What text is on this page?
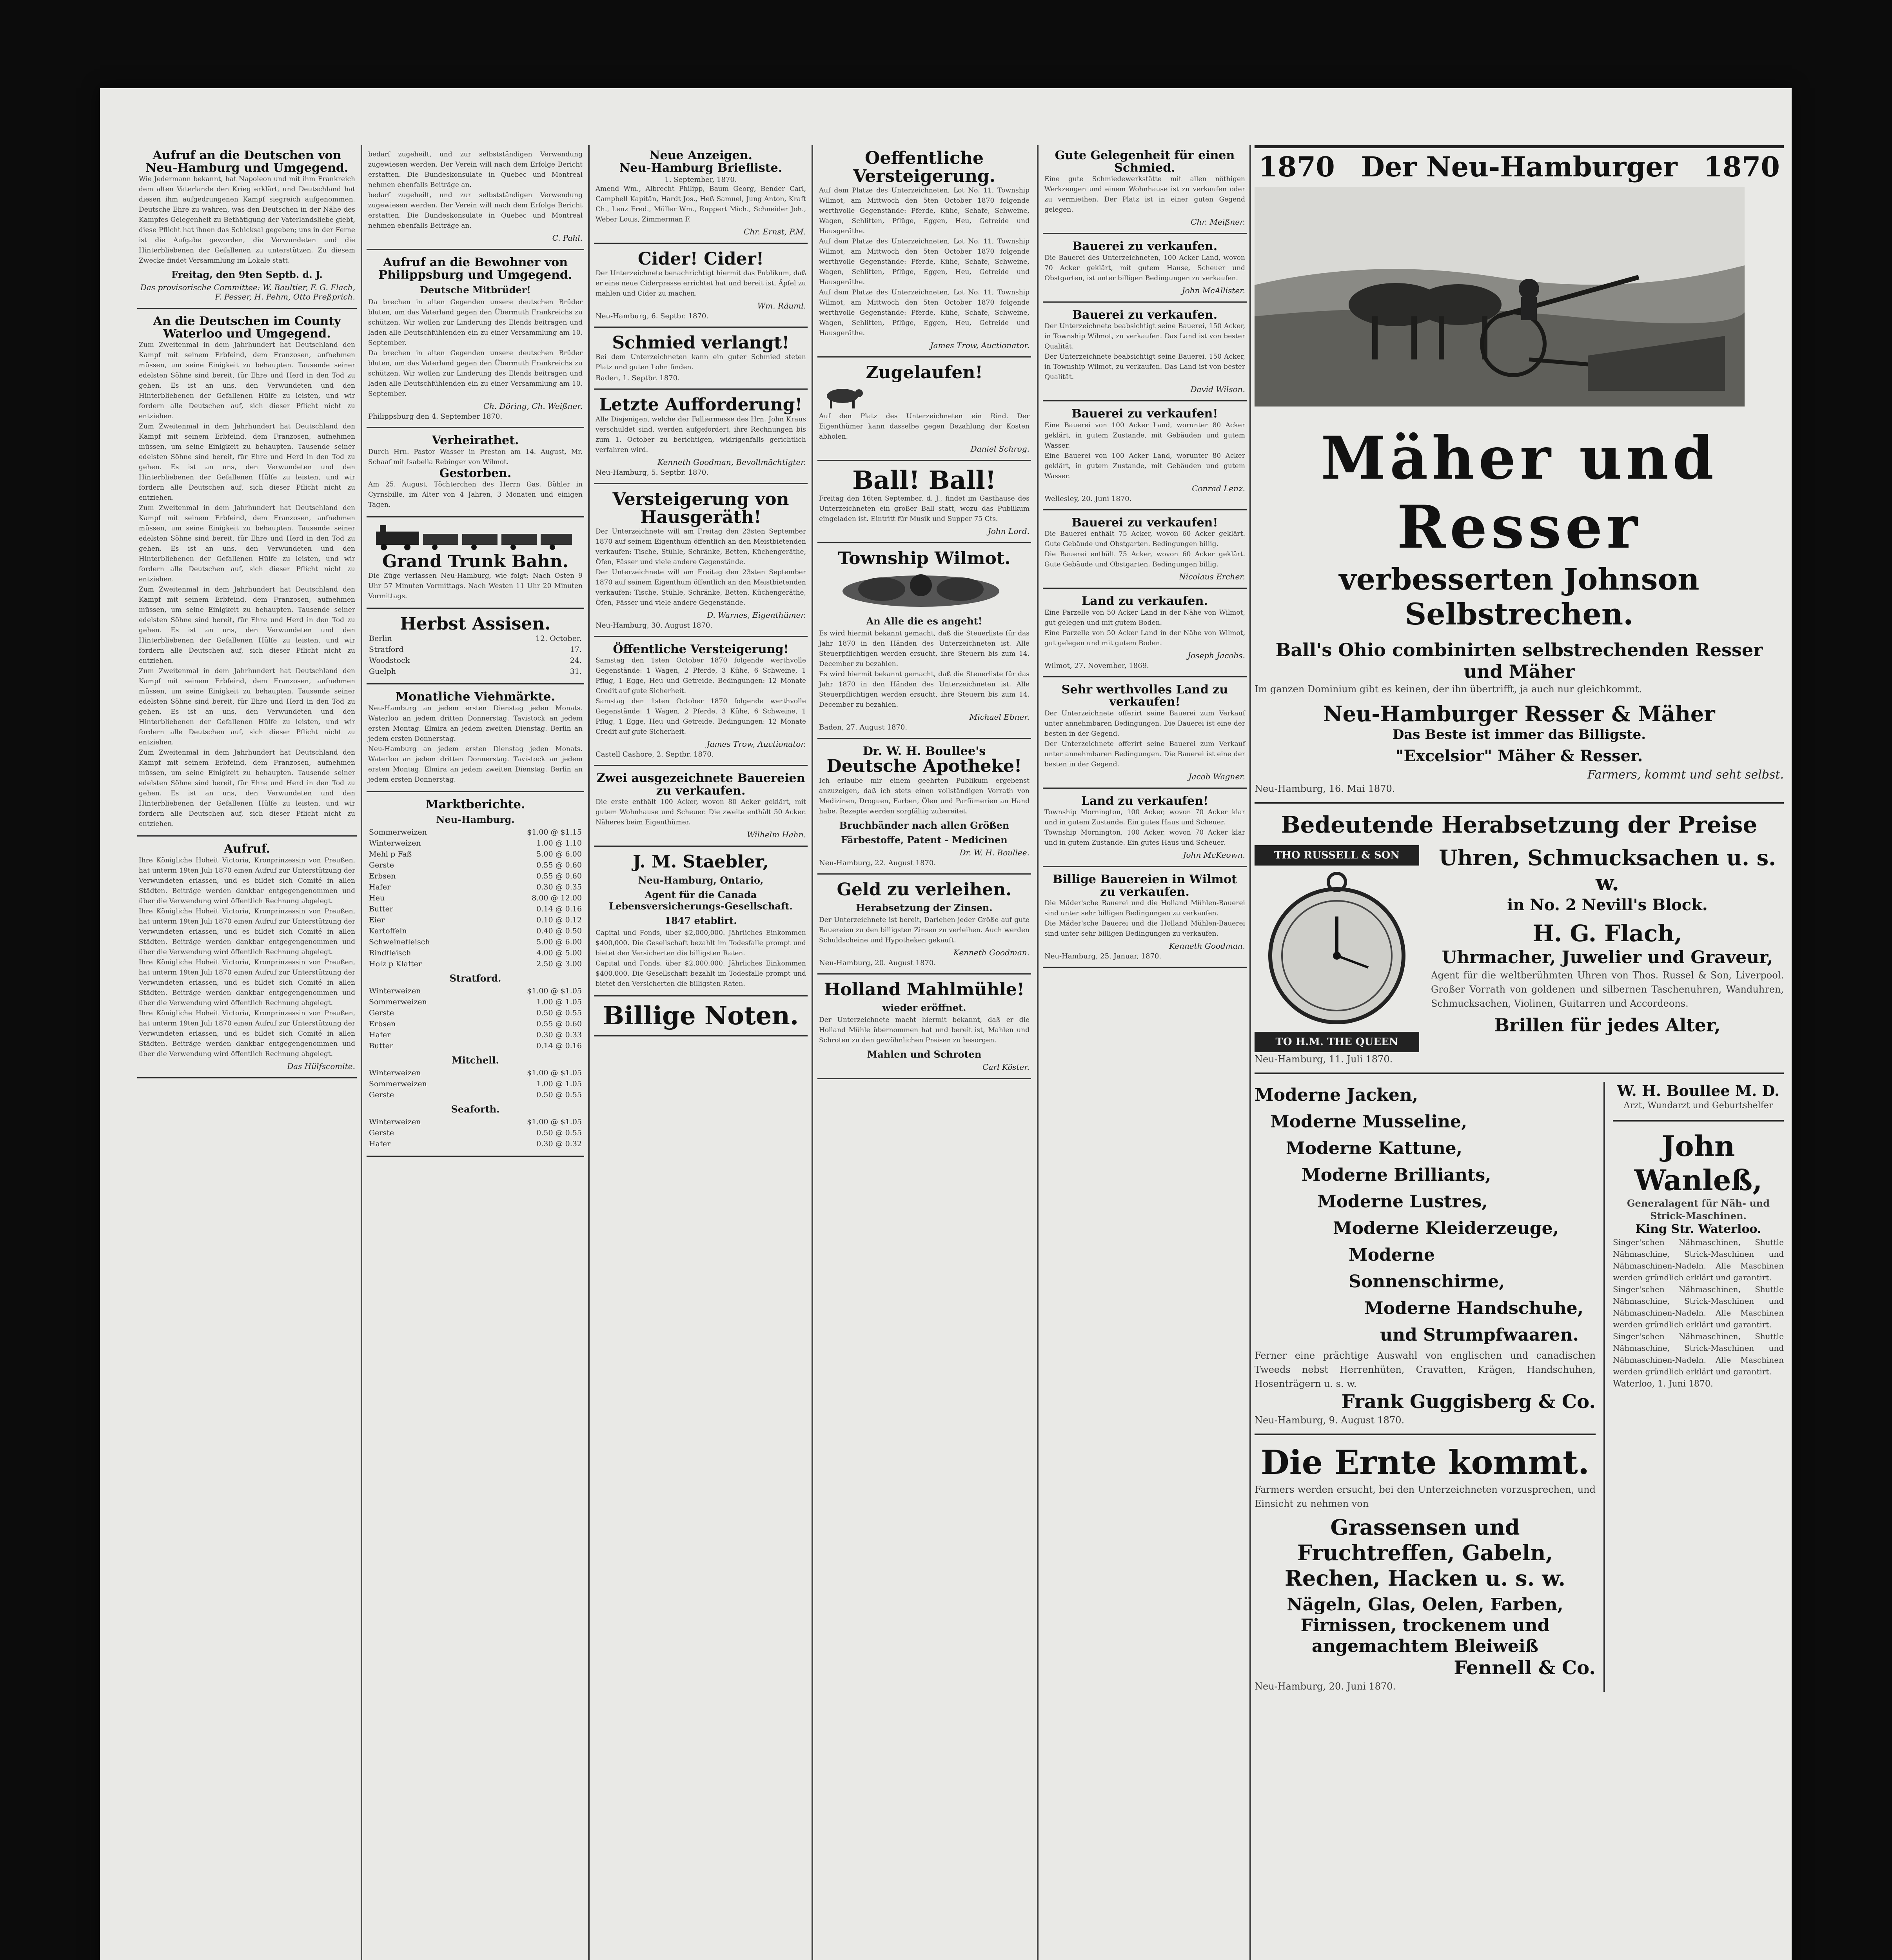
Aufruf an die Deutschen von Neu-Hamburg und Umgegend.
Wie Jedermann bekannt, hat Napoleon und mit ihm Frankreich dem alten Vaterlande den Krieg erklärt, und Deutschland hat diesen ihm aufgedrungenen Kampf siegreich aufgenommen. Deutsche Ehre zu wahren, was den Deutschen in der Nähe des Kampfes Gelegenheit zu Bethätigung der Vaterlandsliebe giebt, diese Pflicht hat ihnen das Schicksal gegeben; uns in der Ferne ist die Aufgabe geworden, die Verwundeten und die Hinterbliebenen der Gefallenen zu unterstützen. Zu diesem Zwecke findet Versammlung im Lokale statt.
Freitag, den 9ten Septb. d. J.
Das provisorische Committee: W. Baultier, F. G. Flach, F. Pesser, H. Pehm, Otto Preßprich.
An die Deutschen im County Waterloo und Umgegend.
Zum Zweitenmal in dem Jahrhundert hat Deutschland den Kampf mit seinem Erbfeind, dem Franzosen, aufnehmen müssen, um seine Einigkeit zu behaupten. Tausende seiner edelsten Söhne sind bereit, für Ehre und Herd in den Tod zu gehen. Es ist an uns, den Verwundeten und den Hinterbliebenen der Gefallenen Hülfe zu leisten, und wir fordern alle Deutschen auf, sich dieser Pflicht nicht zu entziehen.
Zum Zweitenmal in dem Jahrhundert hat Deutschland den Kampf mit seinem Erbfeind, dem Franzosen, aufnehmen müssen, um seine Einigkeit zu behaupten. Tausende seiner edelsten Söhne sind bereit, für Ehre und Herd in den Tod zu gehen. Es ist an uns, den Verwundeten und den Hinterbliebenen der Gefallenen Hülfe zu leisten, und wir fordern alle Deutschen auf, sich dieser Pflicht nicht zu entziehen.
Zum Zweitenmal in dem Jahrhundert hat Deutschland den Kampf mit seinem Erbfeind, dem Franzosen, aufnehmen müssen, um seine Einigkeit zu behaupten. Tausende seiner edelsten Söhne sind bereit, für Ehre und Herd in den Tod zu gehen. Es ist an uns, den Verwundeten und den Hinterbliebenen der Gefallenen Hülfe zu leisten, und wir fordern alle Deutschen auf, sich dieser Pflicht nicht zu entziehen.
Zum Zweitenmal in dem Jahrhundert hat Deutschland den Kampf mit seinem Erbfeind, dem Franzosen, aufnehmen müssen, um seine Einigkeit zu behaupten. Tausende seiner edelsten Söhne sind bereit, für Ehre und Herd in den Tod zu gehen. Es ist an uns, den Verwundeten und den Hinterbliebenen der Gefallenen Hülfe zu leisten, und wir fordern alle Deutschen auf, sich dieser Pflicht nicht zu entziehen.
Zum Zweitenmal in dem Jahrhundert hat Deutschland den Kampf mit seinem Erbfeind, dem Franzosen, aufnehmen müssen, um seine Einigkeit zu behaupten. Tausende seiner edelsten Söhne sind bereit, für Ehre und Herd in den Tod zu gehen. Es ist an uns, den Verwundeten und den Hinterbliebenen der Gefallenen Hülfe zu leisten, und wir fordern alle Deutschen auf, sich dieser Pflicht nicht zu entziehen.
Zum Zweitenmal in dem Jahrhundert hat Deutschland den Kampf mit seinem Erbfeind, dem Franzosen, aufnehmen müssen, um seine Einigkeit zu behaupten. Tausende seiner edelsten Söhne sind bereit, für Ehre und Herd in den Tod zu gehen. Es ist an uns, den Verwundeten und den Hinterbliebenen der Gefallenen Hülfe zu leisten, und wir fordern alle Deutschen auf, sich dieser Pflicht nicht zu entziehen.
Aufruf.
Ihre Königliche Hoheit Victoria, Kronprinzessin von Preußen, hat unterm 19ten Juli 1870 einen Aufruf zur Unterstützung der Verwundeten erlassen, und es bildet sich Comité in allen Städten. Beiträge werden dankbar entgegengenommen und über die Verwendung wird öffentlich Rechnung abgelegt.
Ihre Königliche Hoheit Victoria, Kronprinzessin von Preußen, hat unterm 19ten Juli 1870 einen Aufruf zur Unterstützung der Verwundeten erlassen, und es bildet sich Comité in allen Städten. Beiträge werden dankbar entgegengenommen und über die Verwendung wird öffentlich Rechnung abgelegt.
Ihre Königliche Hoheit Victoria, Kronprinzessin von Preußen, hat unterm 19ten Juli 1870 einen Aufruf zur Unterstützung der Verwundeten erlassen, und es bildet sich Comité in allen Städten. Beiträge werden dankbar entgegengenommen und über die Verwendung wird öffentlich Rechnung abgelegt.
Ihre Königliche Hoheit Victoria, Kronprinzessin von Preußen, hat unterm 19ten Juli 1870 einen Aufruf zur Unterstützung der Verwundeten erlassen, und es bildet sich Comité in allen Städten. Beiträge werden dankbar entgegengenommen und über die Verwendung wird öffentlich Rechnung abgelegt.
Das Hülfscomite.
bedarf zugeheilt, und zur selbstständigen Verwendung zugewiesen werden. Der Verein will nach dem Erfolge Bericht erstatten. Die Bundeskonsulate in Quebec und Montreal nehmen ebenfalls Beiträge an.
bedarf zugeheilt, und zur selbstständigen Verwendung zugewiesen werden. Der Verein will nach dem Erfolge Bericht erstatten. Die Bundeskonsulate in Quebec und Montreal nehmen ebenfalls Beiträge an.
C. Pahl.
Aufruf an die Bewohner von Philippsburg und Umgegend.
Deutsche Mitbrüder!
Da brechen in alten Gegenden unsere deutschen Brüder bluten, um das Vaterland gegen den Übermuth Frankreichs zu schützen. Wir wollen zur Linderung des Elends beitragen und laden alle Deutschfühlenden ein zu einer Versammlung am 10. September.
Da brechen in alten Gegenden unsere deutschen Brüder bluten, um das Vaterland gegen den Übermuth Frankreichs zu schützen. Wir wollen zur Linderung des Elends beitragen und laden alle Deutschfühlenden ein zu einer Versammlung am 10. September.
Ch. Döring, Ch. Weißner.
Philippsburg den 4. September 1870.
Verheirathet.
Durch Hrn. Pastor Wasser in Preston am 14. August, Mr. Schaaf mit Isabella Rebinger von Wilmot.
Gestorben.
Am 25. August, Töchterchen des Herrn Gas. Bühler in Cyrnsbille, im Alter von 4 Jahren, 3 Monaten und einigen Tagen.
Grand Trunk Bahn.
Die Züge verlassen Neu-Hamburg, wie folgt: Nach Osten 9 Uhr 57 Minuten Vormittags. Nach Westen 11 Uhr 20 Minuten Vormittags.
Herbst Assisen.
Berlin	12. October.
Stratford	17.
Woodstock	24.
Guelph	31.
Monatliche Viehmärkte.
Neu-Hamburg an jedem ersten Dienstag jeden Monats. Waterloo an jedem dritten Donnerstag. Tavistock an jedem ersten Montag. Elmira an jedem zweiten Dienstag. Berlin an jedem ersten Donnerstag.
Neu-Hamburg an jedem ersten Dienstag jeden Monats. Waterloo an jedem dritten Donnerstag. Tavistock an jedem ersten Montag. Elmira an jedem zweiten Dienstag. Berlin an jedem ersten Donnerstag.
Marktberichte.
Neu-Hamburg.
Sommerweizen	$1.00 @ $1.15
Winterweizen	1.00 @ 1.10
Mehl p Faß	5.00 @ 6.00
Gerste	0.55 @ 0.60
Erbsen	0.55 @ 0.60
Hafer	0.30 @ 0.35
Heu	8.00 @ 12.00
Butter	0.14 @ 0.16
Eier	0.10 @ 0.12
Kartoffeln	0.40 @ 0.50
Schweinefleisch	5.00 @ 6.00
Rindfleisch	4.00 @ 5.00
Holz p Klafter	2.50 @ 3.00
Stratford.
Winterweizen	$1.00 @ $1.05
Sommerweizen	1.00 @ 1.05
Gerste	0.50 @ 0.55
Erbsen	0.55 @ 0.60
Hafer	0.30 @ 0.33
Butter	0.14 @ 0.16
Mitchell.
Winterweizen	$1.00 @ $1.05
Sommerweizen	1.00 @ 1.05
Gerste	0.50 @ 0.55
Seaforth.
Winterweizen	$1.00 @ $1.05
Gerste	0.50 @ 0.55
Hafer	0.30 @ 0.32
Neue Anzeigen.
Neu-Hamburg Briefliste.
1. September, 1870.
Amend Wm., Albrecht Philipp, Baum Georg, Bender Carl, Campbell Kapitän, Hardt Jos., Heß Samuel, Jung Anton, Kraft Ch., Lenz Fred., Müller Wm., Ruppert Mich., Schneider Joh., Weber Louis, Zimmerman F.
Chr. Ernst, P.M.
Cider! Cider!
Der Unterzeichnete benachrichtigt hiermit das Publikum, daß er eine neue Ciderpresse errichtet hat und bereit ist, Äpfel zu mahlen und Cider zu machen.
Wm. Räuml.
Neu-Hamburg, 6. Septbr. 1870.
Schmied verlangt!
Bei dem Unterzeichneten kann ein guter Schmied steten Platz und guten Lohn finden.
Baden, 1. Septbr. 1870.
Letzte Aufforderung!
Alle Diejenigen, welche der Falliermasse des Hrn. John Kraus verschuldet sind, werden aufgefordert, ihre Rechnungen bis zum 1. October zu berichtigen, widrigenfalls gerichtlich verfahren wird.
Kenneth Goodman, Bevollmächtigter.
Neu-Hamburg, 5. Septbr. 1870.
Versteigerung von Hausgeräth!
Der Unterzeichnete will am Freitag den 23sten September 1870 auf seinem Eigenthum öffentlich an den Meistbietenden verkaufen: Tische, Stühle, Schränke, Betten, Küchengeräthe, Öfen, Fässer und viele andere Gegenstände.
Der Unterzeichnete will am Freitag den 23sten September 1870 auf seinem Eigenthum öffentlich an den Meistbietenden verkaufen: Tische, Stühle, Schränke, Betten, Küchengeräthe, Öfen, Fässer und viele andere Gegenstände.
D. Warnes, Eigenthümer.
Neu-Hamburg, 30. August 1870.
Öffentliche Versteigerung!
Samstag den 1sten October 1870 folgende werthvolle Gegenstände: 1 Wagen, 2 Pferde, 3 Kühe, 6 Schweine, 1 Pflug, 1 Egge, Heu und Getreide. Bedingungen: 12 Monate Credit auf gute Sicherheit.
Samstag den 1sten October 1870 folgende werthvolle Gegenstände: 1 Wagen, 2 Pferde, 3 Kühe, 6 Schweine, 1 Pflug, 1 Egge, Heu und Getreide. Bedingungen: 12 Monate Credit auf gute Sicherheit.
James Trow, Auctionator.
Castell Cashore, 2. Septbr. 1870.
Zwei ausgezeichnete Bauereien zu verkaufen.
Die erste enthält 100 Acker, wovon 80 Acker geklärt, mit gutem Wohnhause und Scheuer. Die zweite enthält 50 Acker. Näheres beim Eigenthümer.
Wilhelm Hahn.
J. M. Staebler,
Neu-Hamburg, Ontario,
Agent für die Canada Lebensversicherungs-Gesellschaft.
1847 etablirt.
Capital und Fonds, über $2,000,000. Jährliches Einkommen $400,000. Die Gesellschaft bezahlt im Todesfalle prompt und bietet den Versicherten die billigsten Raten.
Capital und Fonds, über $2,000,000. Jährliches Einkommen $400,000. Die Gesellschaft bezahlt im Todesfalle prompt und bietet den Versicherten die billigsten Raten.
Billige Noten.
Oeffentliche Versteigerung.
Auf dem Platze des Unterzeichneten, Lot No. 11, Township Wilmot, am Mittwoch den 5ten October 1870 folgende werthvolle Gegenstände: Pferde, Kühe, Schafe, Schweine, Wagen, Schlitten, Pflüge, Eggen, Heu, Getreide und Hausgeräthe.
Auf dem Platze des Unterzeichneten, Lot No. 11, Township Wilmot, am Mittwoch den 5ten October 1870 folgende werthvolle Gegenstände: Pferde, Kühe, Schafe, Schweine, Wagen, Schlitten, Pflüge, Eggen, Heu, Getreide und Hausgeräthe.
Auf dem Platze des Unterzeichneten, Lot No. 11, Township Wilmot, am Mittwoch den 5ten October 1870 folgende werthvolle Gegenstände: Pferde, Kühe, Schafe, Schweine, Wagen, Schlitten, Pflüge, Eggen, Heu, Getreide und Hausgeräthe.
James Trow, Auctionator.
Zugelaufen!
Auf den Platz des Unterzeichneten ein Rind. Der Eigenthümer kann dasselbe gegen Bezahlung der Kosten abholen.
Daniel Schrog.
Ball! Ball!
Freitag den 16ten September, d. J., findet im Gasthause des Unterzeichneten ein großer Ball statt, wozu das Publikum eingeladen ist. Eintritt für Musik und Supper 75 Cts.
John Lord.
Township Wilmot.
An Alle die es angeht!
Es wird hiermit bekannt gemacht, daß die Steuerliste für das Jahr 1870 in den Händen des Unterzeichneten ist. Alle Steuerpflichtigen werden ersucht, ihre Steuern bis zum 14. December zu bezahlen.
Es wird hiermit bekannt gemacht, daß die Steuerliste für das Jahr 1870 in den Händen des Unterzeichneten ist. Alle Steuerpflichtigen werden ersucht, ihre Steuern bis zum 14. December zu bezahlen.
Michael Ebner.
Baden, 27. August 1870.
Dr. W. H. Boullee's
Deutsche Apotheke!
Ich erlaube mir einem geehrten Publikum ergebenst anzuzeigen, daß ich stets einen vollständigen Vorrath von Medizinen, Droguen, Farben, Ölen und Parfümerien an Hand habe. Rezepte werden sorgfältig zubereitet.
Bruchbänder nach allen Größen
Färbestoffe, Patent - Medicinen
Dr. W. H. Boullee.
Neu-Hamburg, 22. August 1870.
Geld zu verleihen.
Herabsetzung der Zinsen.
Der Unterzeichnete ist bereit, Darlehen jeder Größe auf gute Bauereien zu den billigsten Zinsen zu verleihen. Auch werden Schuldscheine und Hypotheken gekauft.
Kenneth Goodman.
Neu-Hamburg, 20. August 1870.
Holland Mahlmühle!
wieder eröffnet.
Der Unterzeichnete macht hiermit bekannt, daß er die Holland Mühle übernommen hat und bereit ist, Mahlen und Schroten zu den gewöhnlichen Preisen zu besorgen.
Mahlen und Schroten
Carl Köster.
Gute Gelegenheit für einen Schmied.
Eine gute Schmiedewerkstätte mit allen nöthigen Werkzeugen und einem Wohnhause ist zu verkaufen oder zu vermiethen. Der Platz ist in einer guten Gegend gelegen.
Chr. Meißner.
Bauerei zu verkaufen.
Die Bauerei des Unterzeichneten, 100 Acker Land, wovon 70 Acker geklärt, mit gutem Hause, Scheuer und Obstgarten, ist unter billigen Bedingungen zu verkaufen.
John McAllister.
Bauerei zu verkaufen.
Der Unterzeichnete beabsichtigt seine Bauerei, 150 Acker, in Township Wilmot, zu verkaufen. Das Land ist von bester Qualität.
Der Unterzeichnete beabsichtigt seine Bauerei, 150 Acker, in Township Wilmot, zu verkaufen. Das Land ist von bester Qualität.
David Wilson.
Bauerei zu verkaufen!
Eine Bauerei von 100 Acker Land, worunter 80 Acker geklärt, in gutem Zustande, mit Gebäuden und gutem Wasser.
Eine Bauerei von 100 Acker Land, worunter 80 Acker geklärt, in gutem Zustande, mit Gebäuden und gutem Wasser.
Conrad Lenz.
Wellesley, 20. Juni 1870.
Bauerei zu verkaufen!
Die Bauerei enthält 75 Acker, wovon 60 Acker geklärt. Gute Gebäude und Obstgarten. Bedingungen billig.
Die Bauerei enthält 75 Acker, wovon 60 Acker geklärt. Gute Gebäude und Obstgarten. Bedingungen billig.
Nicolaus Ercher.
Land zu verkaufen.
Eine Parzelle von 50 Acker Land in der Nähe von Wilmot, gut gelegen und mit gutem Boden.
Eine Parzelle von 50 Acker Land in der Nähe von Wilmot, gut gelegen und mit gutem Boden.
Joseph Jacobs.
Wilmot, 27. November, 1869.
Sehr werthvolles Land zu verkaufen!
Der Unterzeichnete offerirt seine Bauerei zum Verkauf unter annehmbaren Bedingungen. Die Bauerei ist eine der besten in der Gegend.
Der Unterzeichnete offerirt seine Bauerei zum Verkauf unter annehmbaren Bedingungen. Die Bauerei ist eine der besten in der Gegend.
Jacob Wagner.
Land zu verkaufen!
Township Mornington, 100 Acker, wovon 70 Acker klar und in gutem Zustande. Ein gutes Haus und Scheuer.
Township Mornington, 100 Acker, wovon 70 Acker klar und in gutem Zustande. Ein gutes Haus und Scheuer.
John McKeown.
Billige Bauereien in Wilmot zu verkaufen.
Die Mäder'sche Bauerei und die Holland Mühlen-Bauerei sind unter sehr billigen Bedingungen zu verkaufen.
Die Mäder'sche Bauerei und die Holland Mühlen-Bauerei sind unter sehr billigen Bedingungen zu verkaufen.
Kenneth Goodman.
Neu-Hamburg, 25. Januar, 1870.
1870 Der Neu-Hamburger 1870
Mäher und Resser
verbesserten Johnson Selbstrechen.
Ball's Ohio combinirten selbstrechenden Resser und Mäher
Im ganzen Dominium gibt es keinen, der ihn übertrifft, ja auch nur gleichkommt.
Neu-Hamburger Resser & Mäher
Das Beste ist immer das Billigste.
"Excelsior" Mäher & Resser.
Farmers, kommt und seht selbst.
Neu-Hamburg, 16. Mai 1870.
Bedeutende Herabsetzung der Preise
THO RUSSELL & SON
TO H.M. THE QUEEN
Uhren, Schmucksachen u. s. w.
in No. 2 Nevill's Block.
H. G. Flach,
Uhrmacher, Juwelier und Graveur,
Agent für die weltberühmten Uhren von Thos. Russel & Son, Liverpool. Großer Vorrath von goldenen und silbernen Taschenuhren, Wanduhren, Schmucksachen, Violinen, Guitarren und Accordeons.
Brillen für jedes Alter,
Neu-Hamburg, 11. Juli 1870.
Moderne Jacken,
Moderne Musseline,
Moderne Kattune,
Moderne Brilliants,
Moderne Lustres,
Moderne Kleiderzeuge,
Moderne Sonnenschirme,
Moderne Handschuhe,
und Strumpfwaaren.
Ferner eine prächtige Auswahl von englischen und canadischen Tweeds nebst Herrenhüten, Cravatten, Krägen, Handschuhen, Hosenträgern u. s. w.
Frank Guggisberg & Co.
Neu-Hamburg, 9. August 1870.
Die Ernte kommt.
Farmers werden ersucht, bei den Unterzeichneten vorzusprechen, und Einsicht zu nehmen von
Grassensen und Fruchtreffen, Gabeln, Rechen, Hacken u. s. w.
Nägeln, Glas, Oelen, Farben, Firnissen, trockenem und angemachtem Bleiweiß
Fennell & Co.
Neu-Hamburg, 20. Juni 1870.
W. H. Boullee M. D.
Arzt, Wundarzt und Geburtshelfer
John Wanleß,
Generalagent für Näh- und Strick-Maschinen.
King Str. Waterloo.
Singer'schen Nähmaschinen, Shuttle Nähmaschine, Strick-Maschinen und Nähmaschinen-Nadeln. Alle Maschinen werden gründlich erklärt und garantirt.
Singer'schen Nähmaschinen, Shuttle Nähmaschine, Strick-Maschinen und Nähmaschinen-Nadeln. Alle Maschinen werden gründlich erklärt und garantirt.
Singer'schen Nähmaschinen, Shuttle Nähmaschine, Strick-Maschinen und Nähmaschinen-Nadeln. Alle Maschinen werden gründlich erklärt und garantirt.
Waterloo, 1. Juni 1870.
